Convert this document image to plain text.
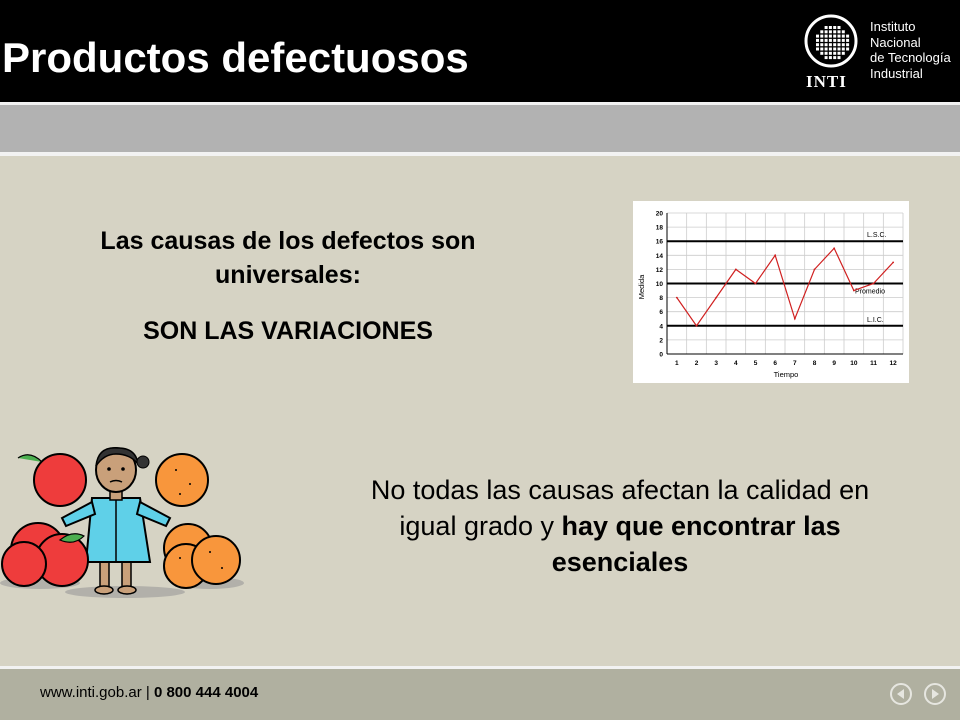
Productos defectuosos
Instituto
Nacional
de Tecnología
Industrial
INTI
Las causas de los defectos son universales:
SON LAS VARIACIONES
0
2
4
6
8
10
12
14
16
18
20
1 2 3 4 5 6 7 8 9 10 11 12
L.S.C.
Promedio
L.I.C.
Tiempo
Medida
No todas las causas afectan la calidad en igual grado y hay que encontrar las esenciales
www.inti.gob.ar | 0 800 444 4004
